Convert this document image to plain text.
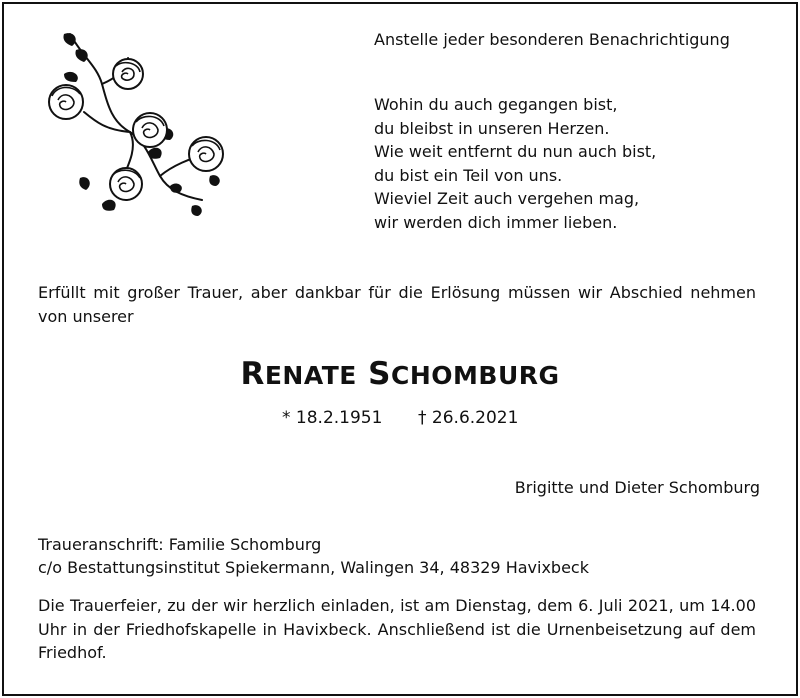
Anstelle jeder besonderen Benachrichtigung
Wohin du auch gegangen bist,
du bleibst in unseren Herzen.
Wie weit entfernt du nun auch bist,
du bist ein Teil von uns.
Wieviel Zeit auch vergehen mag,
wir werden dich immer lieben.
Erfüllt mit großer Trauer, aber dankbar für die Erlösung müssen wir Abschied nehmen von unserer
RENATE SCHOMBURG
* 18.2.1951 † 26.6.2021
Brigitte und Dieter Schomburg
Traueranschrift: Familie Schomburg
c/o Bestattungsinstitut Spiekermann, Walingen 34, 48329 Havixbeck
Die Trauerfeier, zu der wir herzlich einladen, ist am Dienstag, dem 6. Juli 2021, um 14.00 Uhr in der Friedhofskapelle in Havixbeck. Anschließend ist die Urnenbeisetzung auf dem Friedhof.
